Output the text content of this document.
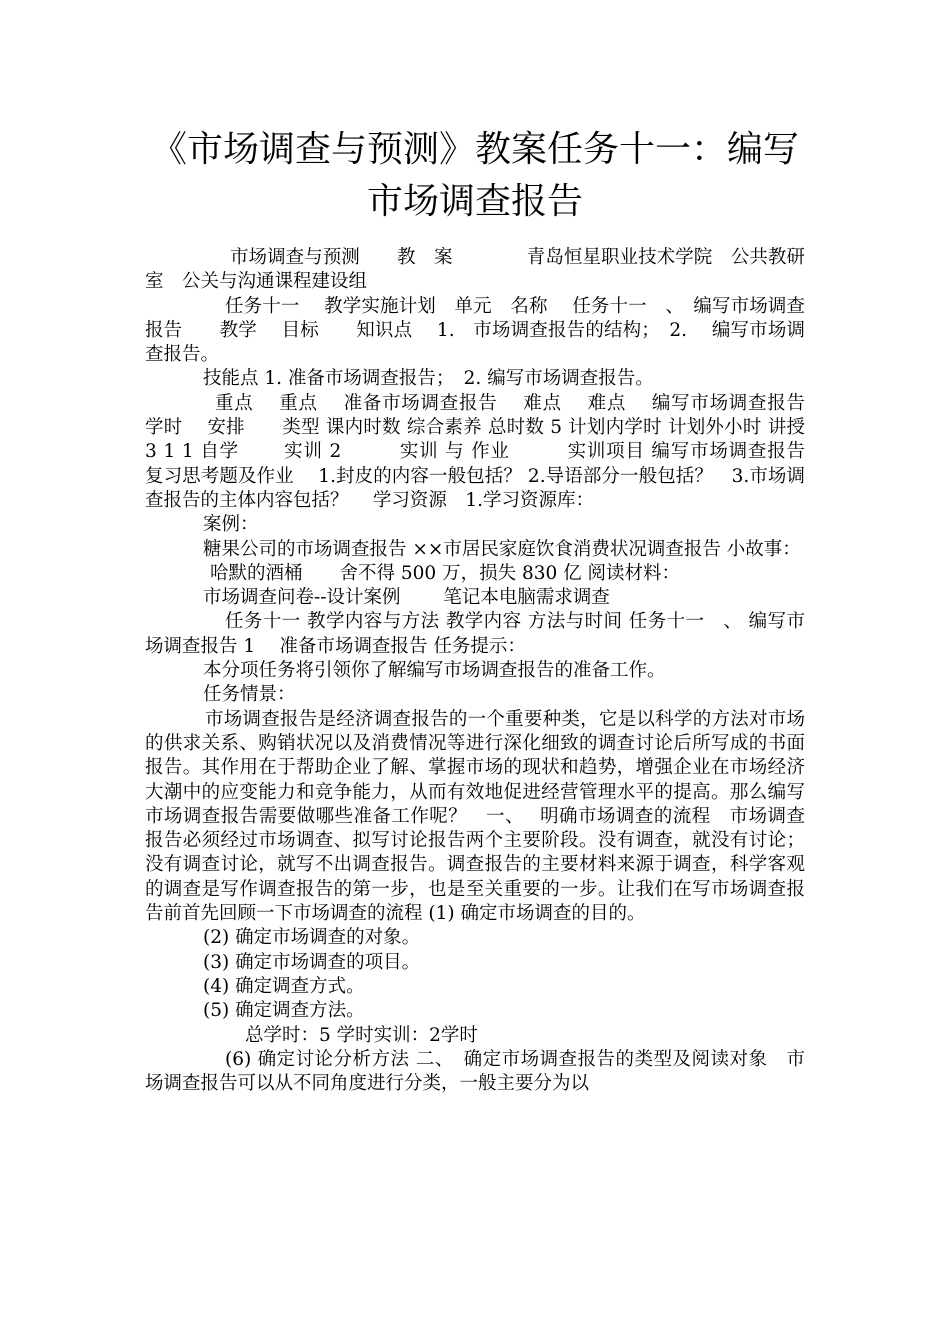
《市场调查与预测》教案任务十一：编写市场调查报告

市场调查与预测　　教　案　　　　青岛恒星职业技术学院　公共教研室　公关与沟通课程建设组

任务十一　 教学实施计划　单元　名称　 任务十一　、　编写市场调查报告　　教学　 目标　　知识点　 1.　市场调查报告的结构；　2.　 编写市场调查报告。

技能点 1. 准备市场调查报告；　2. 编写市场调查报告。

重点　 重点　 准备市场调查报告　 难点　 难点　 编写市场调查报告　　学时　 安排　　类型 课内时数 综合素养 总时数 5 计划内学时 计划外小时 讲授 3 1 1 自学　　 实训 2　　　实训 与 作业　　　实训项目 编写市场调查报告　 复习思考题及作业　 1.封皮的内容一般包括？ 2.导语部分一般包括？　3.市场调查报告的主体内容包括？　 学习资源　1.学习资源库：

案例：

糖果公司的市场调查报告 ××市居民家庭饮食消费状况调查报告 小故事：

哈默的酒桶　　舍不得 500 万，损失 830 亿 阅读材料：

市场调查问卷--设计案例　　 笔记本电脑需求调查

任务十一 教学内容与方法 教学内容 方法与时间 任务十一　、 编写市场调查报告 1　 准备市场调查报告 任务提示：

本分项任务将引领你了解编写市场调查报告的准备工作。

任务情景：

市场调查报告是经济调查报告的一个重要种类，它是以科学的方法对市场的供求关系、购销状况以及消费情况等进行深化细致的调查讨论后所写成的书面报告。其作用在于帮助企业了解、掌握市场的现状和趋势，增强企业在市场经济大潮中的应变能力和竞争能力，从而有效地促进经营管理水平的提高。那么编写市场调查报告需要做哪些准备工作呢？　一、　 明确市场调查的流程　市场调查报告必须经过市场调查、拟写讨论报告两个主要阶段。没有调查，就没有讨论；没有调查讨论，就写不出调查报告。调查报告的主要材料来源于调查，科学客观的调查是写作调查报告的第一步，也是至关重要的一步。让我们在写市场调查报告前首先回顾一下市场调查的流程 (1) 确定市场调查的目的。

(2) 确定市场调查的对象。

(3) 确定市场调查的项目。

(4) 确定调查方式。

(5) 确定调查方法。

总学时：5 学时实训：2学时

(6) 确定讨论分析方法 二、　确定市场调查报告的类型及阅读对象　市场调查报告可以从不同角度进行分类，一般主要分为以
